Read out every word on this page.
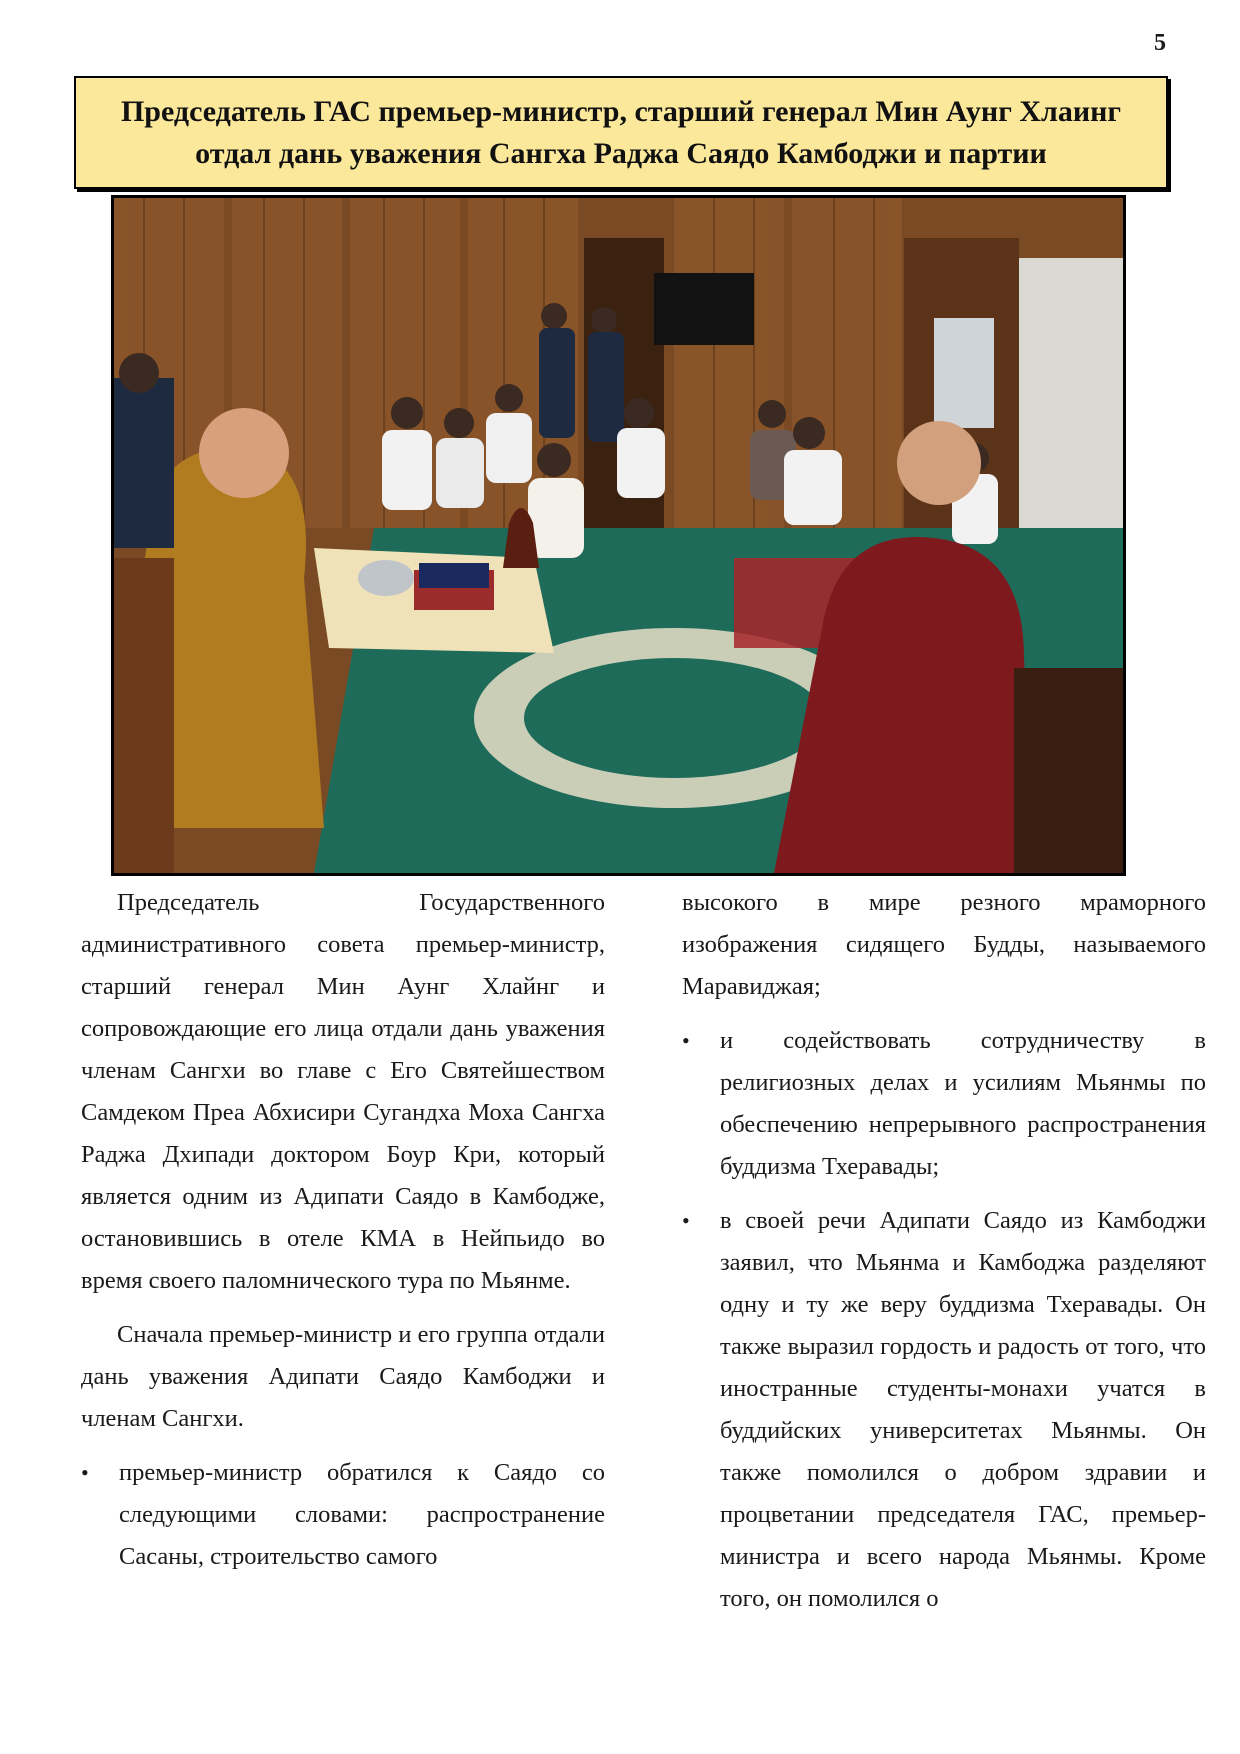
5
Председатель ГАС премьер-министр, старший генерал Мин Аунг Хлаинг отдал дань уважения Сангха Раджа Саядо Камбоджи и партии

Председатель Государственного административного совета премьер-министр, старший генерал Мин Аунг Хлайнг и сопровождающие его лица отдали дань уважения членам Сангхи во главе с Его Святейшеством Самдеком Преа Абхисири Сугандха Моха Сангха Раджа Дхипади доктором Боур Кри, который является одним из Адипати Саядо в Камбодже, остановившись в отеле КМА в Нейпьидо во время своего паломнического тура по Мьянме.

Сначала премьер-министр и его группа отдали дань уважения Адипати Саядо Камбоджи и членам Сангхи.

• премьер-министр обратился к Саядо со следующими словами: распространение Сасаны, строительство самого

высокого в мире резного мраморного изображения сидящего Будды, называемого Маравиджая;

• и содействовать сотрудничеству в религиозных делах и усилиям Мьянмы по обеспечению непрерывного распространения буддизма Тхеравады;
• в своей речи Адипати Саядо из Камбоджи заявил, что Мьянма и Камбоджа разделяют одну и ту же веру буддизма Тхеравады. Он также выразил гордость и радость от того, что иностранные студенты-монахи учатся в буддийских университетах Мьянмы. Он также помолился о добром здравии и процветании председателя ГАС, премьер-министра и всего народа Мьянмы. Кроме того, он помолился о
